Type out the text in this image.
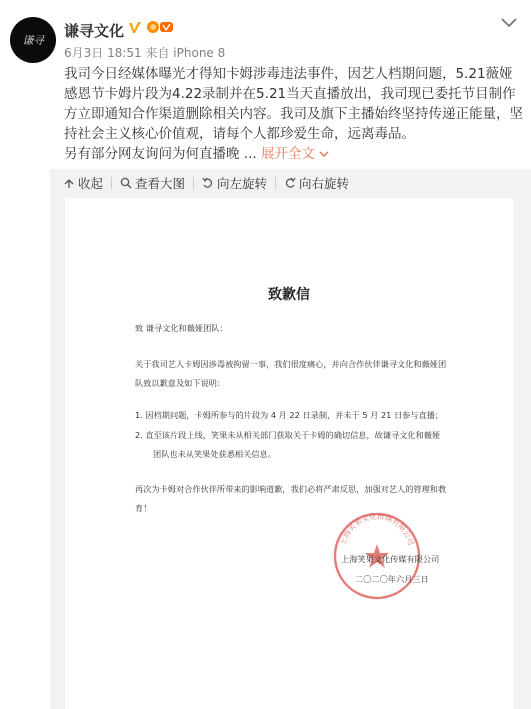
谦寻
谦寻文化
6月3日 18:51 来自 iPhone 8
我司今日经媒体曝光才得知卡姆涉毒违法事件，因艺人档期问题，5.21薇娅感恩节卡姆片段为4.22录制并在5.21当天直播放出，我司现已委托节目制作方立即通知合作渠道删除相关内容。我司及旗下主播始终坚持传递正能量，坚持社会主义核心价值观，请每个人都珍爱生命，远离毒品。
另有部分网友询问为何直播晚 ... 展开全文
收起	查看大图	向左旋转	向右旋转
致歉信
致 谦寻文化和薇娅团队：
关于我司艺人卡姆因涉毒被拘留一事，我们很度痛心，并向合作伙伴谦寻文化和薇娅团
队致以歉意及如下说明：
1. 因档期问题，卡姆所参与的片段为 4 月 22 日录制，并未于 5 月 21 日参与直播；
2. 直至该片段上线，笑果未从相关部门获取关于卡姆的确切信息，故谦寻文化和薇娅
团队也未从笑果处获悉相关信息。
再次为卡姆对合作伙伴所带来的影响道歉，我们必将严肃反思，加强对艺人的管理和教
育！
上海笑果文化传媒有限公司
上海笑果文化传媒有限公司
二〇二〇年六月三日
